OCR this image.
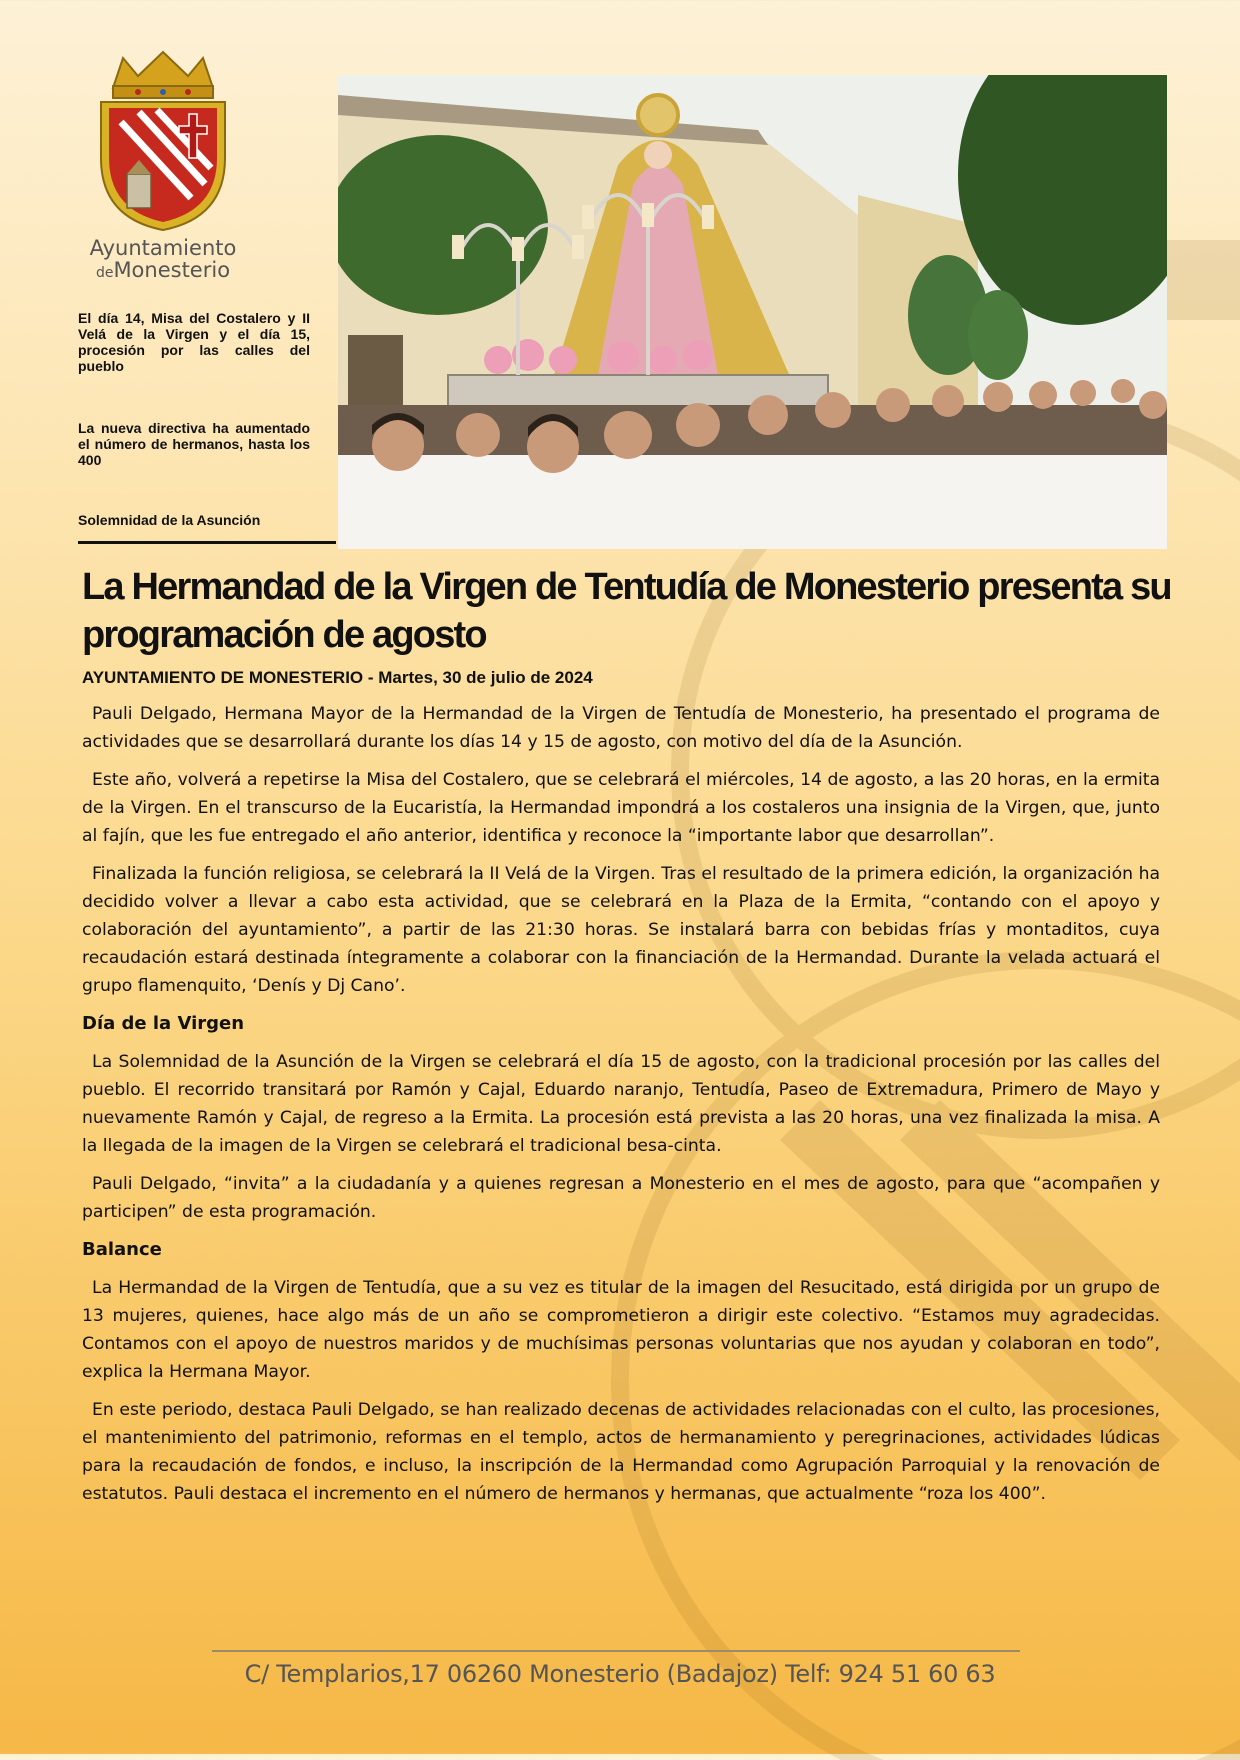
Ayuntamiento
deMonesterio
El día 14, Misa del Costalero y II Velá de la Virgen y el día 15, procesión por las calles del pueblo
La nueva directiva ha aumentado el número de hermanos, hasta los 400
Solemnidad de la Asunción
La Hermandad de la Virgen de Tentudía de Monesterio presenta su programación de agosto
AYUNTAMIENTO DE MONESTERIO - Martes, 30 de julio de 2024

Pauli Delgado, Hermana Mayor de la Hermandad de la Virgen de Tentudía de Monesterio, ha presentado el programa de actividades que se desarrollará durante los días 14 y 15 de agosto, con motivo del día de la Asunción.

Este año, volverá a repetirse la Misa del Costalero, que se celebrará el miércoles, 14 de agosto, a las 20 horas, en la ermita de la Virgen. En el transcurso de la Eucaristía, la Hermandad impondrá a los costaleros una insignia de la Virgen, que, junto al fajín, que les fue entregado el año anterior, identifica y reconoce la “importante labor que desarrollan”.

Finalizada la función religiosa, se celebrará la II Velá de la Virgen. Tras el resultado de la primera edición, la organización ha decidido volver a llevar a cabo esta actividad, que se celebrará en la Plaza de la Ermita, “contando con el apoyo y colaboración del ayuntamiento”, a partir de las 21:30 horas. Se instalará barra con bebidas frías y montaditos, cuya recaudación estará destinada íntegramente a colaborar con la financiación de la Hermandad. Durante la velada actuará el grupo flamenquito, ‘Denís y Dj Cano’.

Día de la Virgen

La Solemnidad de la Asunción de la Virgen se celebrará el día 15 de agosto, con la tradicional procesión por las calles del pueblo. El recorrido transitará por Ramón y Cajal, Eduardo naranjo, Tentudía, Paseo de Extremadura, Primero de Mayo y nuevamente Ramón y Cajal, de regreso a la Ermita. La procesión está prevista a las 20 horas, una vez finalizada la misa. A la llegada de la imagen de la Virgen se celebrará el tradicional besa-cinta.

Pauli Delgado, “invita” a la ciudadanía y a quienes regresan a Monesterio en el mes de agosto, para que “acompañen y participen” de esta programación.

Balance

La Hermandad de la Virgen de Tentudía, que a su vez es titular de la imagen del Resucitado, está dirigida por un grupo de 13 mujeres, quienes, hace algo más de un año se comprometieron a dirigir este colectivo. “Estamos muy agradecidas. Contamos con el apoyo de nuestros maridos y de muchísimas personas voluntarias que nos ayudan y colaboran en todo”, explica la Hermana Mayor.

En este periodo, destaca Pauli Delgado, se han realizado decenas de actividades relacionadas con el culto, las procesiones, el mantenimiento del patrimonio, reformas en el templo, actos de hermanamiento y peregrinaciones, actividades lúdicas para la recaudación de fondos, e incluso, la inscripción de la Hermandad como Agrupación Parroquial y la renovación de estatutos. Pauli destaca el incremento en el número de hermanos y hermanas, que actualmente “roza los 400”.

C/ Templarios,17 06260 Monesterio (Badajoz) Telf: 924 51 60 63
